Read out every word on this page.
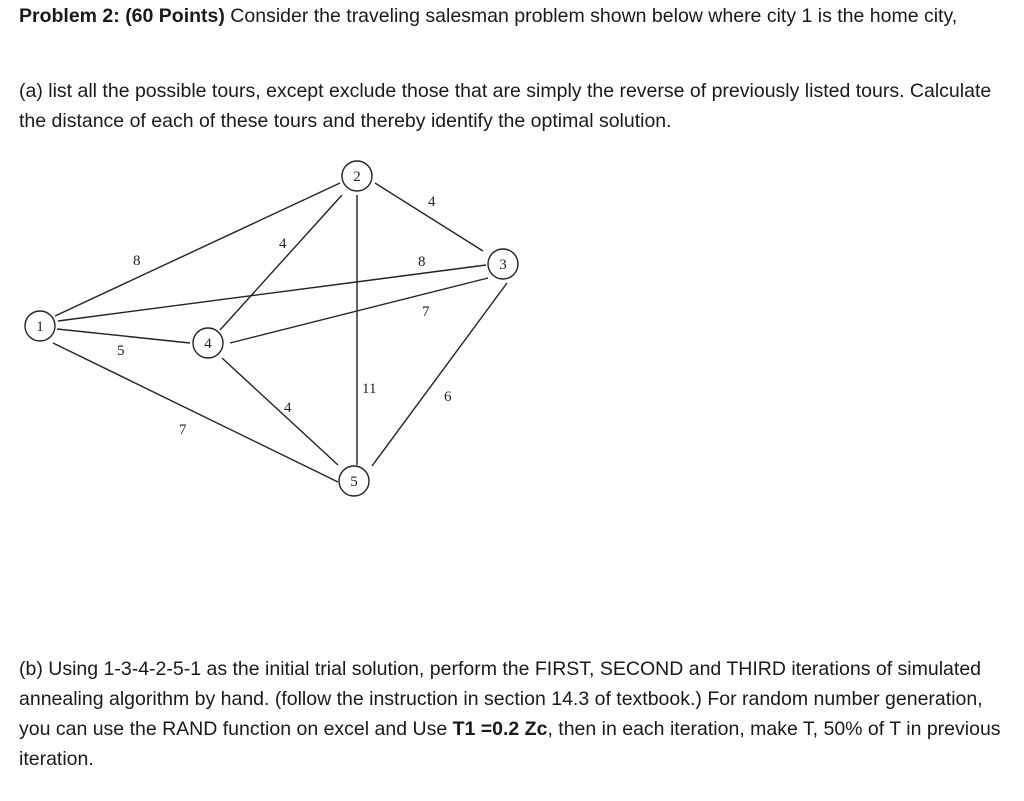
Problem 2: (60 Points) Consider the traveling salesman problem shown below where city 1 is the home city,

(a) list all the possible tours, except exclude those that are simply the reverse of previously listed tours. Calculate the distance of each of these tours and thereby identify the optimal solution.

8	8
5
7
4
4
11
7
6
4
1
2
3
4
5

(b) Using 1-3-4-2-5-1 as the initial trial solution, perform the FIRST, SECOND and THIRD iterations of simulated annealing algorithm by hand. (follow the instruction in section 14.3 of textbook.) For random number generation, you can use the RAND function on excel and Use T1 =0.2 Zc, then in each iteration, make T, 50% of T in previous iteration.
